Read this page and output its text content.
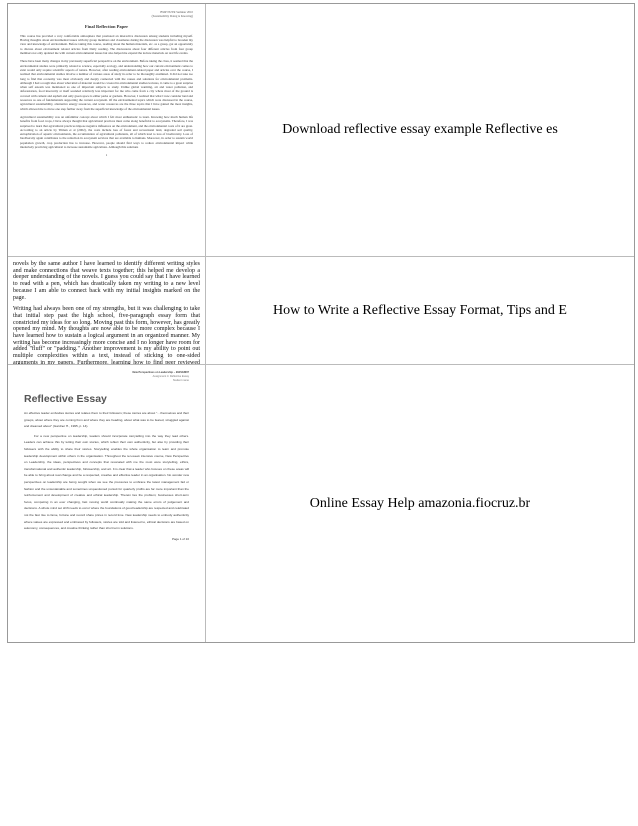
BSIP NUTR Seminar 2010
(Sustainability Doing is Knowing)
Final Reflection Paper

This course has provided a very comfortable atmosphere that promoted an interactive discussion among students including myself. Having thoughts about environmental issues with my group members and classmates during the discussion was helpful to broaden my view and knowledge of environment. Before taking this course, reading about the human materials, etc. as a group, got an opportunity to discuss about environment related articles from Daily reading. The discussions about four different articles from four group members not only updated me with current environmental issues but also helped me expand the lecture materials on real life events.

There have been many changes in my previously superficial perspective on the environment. Before taking the class, it seemed that the environmental studies were primarily related to science, especially ecology, and understanding how our current environment comes to exist would only require scientific aspects of nature. However, after reading environment-related paper and articles over the course, I realized that environmental studies involve a number of various areas of study in order to be thoroughly examined. It did not take too long to find that economy was most obviously and deeply connected with the causes and solutions for environmental problems. Although I had a rough idea about what kind of material would be covered in environmental studies lectures, it came to a great surprise when self esteem was mentioned as one of important subjects to study. Unlike global warming, air and water pollution, and deforestation, food insecurity at itself sounded relatively less important for me who came from a city where most of the ground is covered with cement and asphalt and only green space is either parks or gardens. However, I realized that what I now consider land and resources as one of fundamentals supporting the current ecosystem. Of the environmental topics which were discussed in the course, agricultural sustainability, alternative energy resources, and water resources are the three topics that I have gained the most insights, which allowed me to move one step further away from the superficial knowledge of the environmental issues.

Agricultural sustainability was an unfamiliar concept about which I felt most enthusiastic to learn. Knowing how much human life benefits from food crops, I have always thought that agricultural practices must come along beneficial to ecosystems. Therefore, I was surprised to learn that agricultural practices impose negative influences on the environment, and the environmental costs of it are great. According to an article by Tilman et al (2002), the costs include loss of forest and recreational land, degraded soil quality, eutrophication of aquatic environments, the accumulation of agricultural pollutants, all of which lead to loss of biodiversity. Loss of biodiversity again contributes to the reduction in ecosystem services that are available to humans. Moreover, in order to sustain world population growth, crop production has to increase. However, people should find ways to reduce environmental impact while intensively practicing agricultural to increase sustainable agriculture. Although this solutions

1
Download reflective essay example Reflective es

novels by the same author I have learned to identify different writing styles and make connections that weave texts together; this helped me develop a deeper understanding of the novels. I guess you could say that I have learned to read with a pen, which has drastically taken my writing to a new level because I am able to connect back with my initial insights marked on the page.

Writing had always been one of my strengths, but it was challenging to take that initial step past the high school, five-paragraph essay form that constricted my ideas for so long. Moving past this form, however, has greatly opened my mind. My thoughts are now able to be more complex because I have learned how to sustain a logical argument in an organized manner. My writing has become increasingly more concise and I no longer have room for added "fluff" or "padding." Another improvement is my ability to point out multiple complexities within a text, instead of sticking to one-sided arguments in my papers. Furthermore, learning how to find peer reviewed

How to Write a Reflective Essay Format, Tips and E
New Perspectives on Leadership – 99JSGM07
Assignment 4: Reflective Essay
Student name
Reflective Essay

An effective leader embodies stories and relates them to their followers; these stories are about "…themselves and their groups, about where they are coming from and where they are heading, about what was to be feared, struggled against and dreamed about" (Gardner H., 1995, p. 14).

For a new perspective on leadership, leaders should incorporate storytelling into the way they lead others. Leaders can achieve this by letting their own stories, which reflect their own authenticity, but also by providing their followers with the ability to share their stories. Storytelling enables the whole organisation to learn and promote leadership development within others in the organisation. Throughout the ten-week intensive course, New Perspective on Leadership, the ideas, perspectives and concepts that resonated with me the most were storytelling, ethics, transformational and authentic leadership, followership, and art. It is clear that a leader who focuses on these areas will be able to bring about real change and be a respected, creative and effective leader in an organisation. No wonder new perspectives on leadership are being sought when we see the pressures to embrace the latest management fad or fashion and the unsustainable and sometimes unquestioned pursuit for quarterly profits are far more important than the reinforcement and development of creative and ethical leadership. Therein lies the problem; businesses short-term focus, competing in an ever changing, fast moving world continually making the same errors of judgement and decisions. A whole mind set shift needs to occur where the foundations of good leadership are respected and celebrated not the fast rise to fame, fortune and record share prices in record time. New leadership needs to embody authenticity where values are expressed and embraced by followers, stories are told and listened to, ethical decisions are based on autonomy, consequences, and creative thinking rather than short term solutions.

Page 1 of 10
Online Essay Help amazonia.fiocruz.br
